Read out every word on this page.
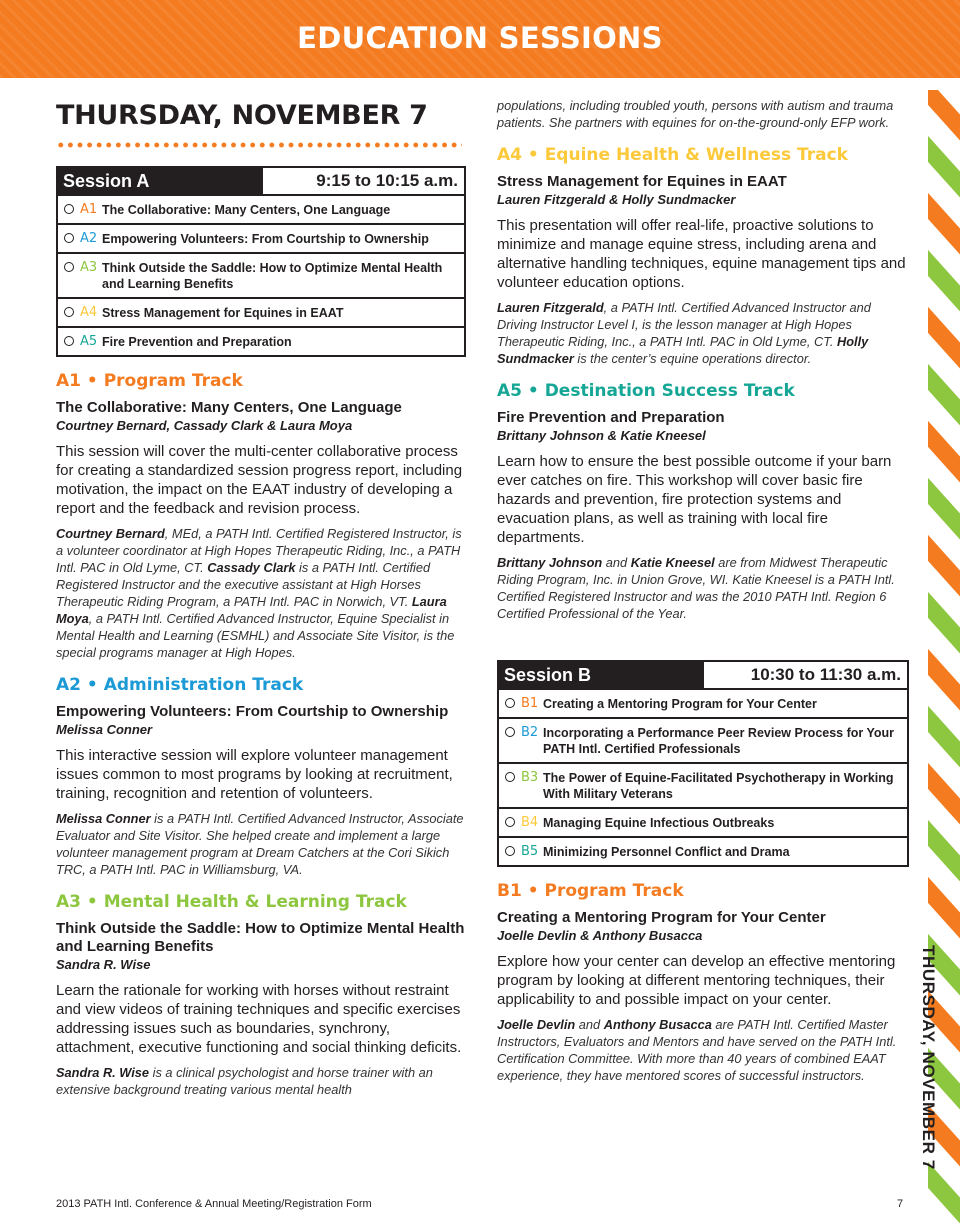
EDUCATION SESSIONS
THURSDAY, NOVEMBER 7
THURSDAY, NOVEMBER 7
Session A	9:15 to 10:15 a.m.
A1 The Collaborative: Many Centers, One Language
A2 Empowering Volunteers: From Courtship to Ownership
A3 Think Outside the Saddle: How to Optimize Mental Health and Learning Benefits
A4 Stress Management for Equines in EAAT
A5 Fire Prevention and Preparation
A1 • Program Track
The Collaborative: Many Centers, One Language
Courtney Bernard, Cassady Clark & Laura Moya
This session will cover the multi-center collaborative process for creating a standardized session progress report, including motivation, the impact on the EAAT industry of developing a report and the feedback and revision process.
Courtney Bernard, MEd, a PATH Intl. Certified Registered Instructor, is a volunteer coordinator at High Hopes Therapeutic Riding, Inc., a PATH Intl. PAC in Old Lyme, CT. Cassady Clark is a PATH Intl. Certified Registered Instructor and the executive assistant at High Horses Therapeutic Riding Program, a PATH Intl. PAC in Norwich, VT. Laura Moya, a PATH Intl. Certified Advanced Instructor, Equine Specialist in Mental Health and Learning (ESMHL) and Associate Site Visitor, is the special programs manager at High Hopes.
A2 • Administration Track
Empowering Volunteers: From Courtship to Ownership
Melissa Conner
This interactive session will explore volunteer management issues common to most programs by looking at recruitment, training, recognition and retention of volunteers.
Melissa Conner is a PATH Intl. Certified Advanced Instructor, Associate Evaluator and Site Visitor. She helped create and implement a large volunteer management program at Dream Catchers at the Cori Sikich TRC, a PATH Intl. PAC in Williamsburg, VA.
A3 • Mental Health & Learning Track
Think Outside the Saddle: How to Optimize Mental Health and Learning Benefits
Sandra R. Wise
Learn the rationale for working with horses without restraint and view videos of training techniques and specific exercises addressing issues such as boundaries, synchrony, attachment, executive functioning and social thinking deficits.
Sandra R. Wise is a clinical psychologist and horse trainer with an extensive background treating various mental health
populations, including troubled youth, persons with autism and trauma patients. She partners with equines for on-the-ground-only EFP work.
A4 • Equine Health & Wellness Track
Stress Management for Equines in EAAT
Lauren Fitzgerald & Holly Sundmacker
This presentation will offer real-life, proactive solutions to minimize and manage equine stress, including arena and alternative handling techniques, equine management tips and volunteer education options.
Lauren Fitzgerald, a PATH Intl. Certified Advanced Instructor and Driving Instructor Level I, is the lesson manager at High Hopes Therapeutic Riding, Inc., a PATH Intl. PAC in Old Lyme, CT. Holly Sundmacker is the center’s equine operations director.
A5 • Destination Success Track
Fire Prevention and Preparation
Brittany Johnson & Katie Kneesel
Learn how to ensure the best possible outcome if your barn ever catches on fire. This workshop will cover basic fire hazards and prevention, fire protection systems and evacuation plans, as well as training with local fire departments.
Brittany Johnson and Katie Kneesel are from Midwest Therapeutic Riding Program, Inc. in Union Grove, WI. Katie Kneesel is a PATH Intl. Certified Registered Instructor and was the 2010 PATH Intl. Region 6 Certified Professional of the Year.
Session B	10:30 to 11:30 a.m.
B1 Creating a Mentoring Program for Your Center
B2 Incorporating a Performance Peer Review Process for Your PATH Intl. Certified Professionals
B3 The Power of Equine-Facilitated Psychotherapy in Working With Military Veterans
B4 Managing Equine Infectious Outbreaks
B5 Minimizing Personnel Conflict and Drama
B1 • Program Track
Creating a Mentoring Program for Your Center
Joelle Devlin & Anthony Busacca
Explore how your center can develop an effective mentoring program by looking at different mentoring techniques, their applicability to and possible impact on your center.
Joelle Devlin and Anthony Busacca are PATH Intl. Certified Master Instructors, Evaluators and Mentors and have served on the PATH Intl. Certification Committee. With more than 40 years of combined EAAT experience, they have mentored scores of successful instructors.
2013 PATH Intl. Conference & Annual Meeting/Registration Form	7
